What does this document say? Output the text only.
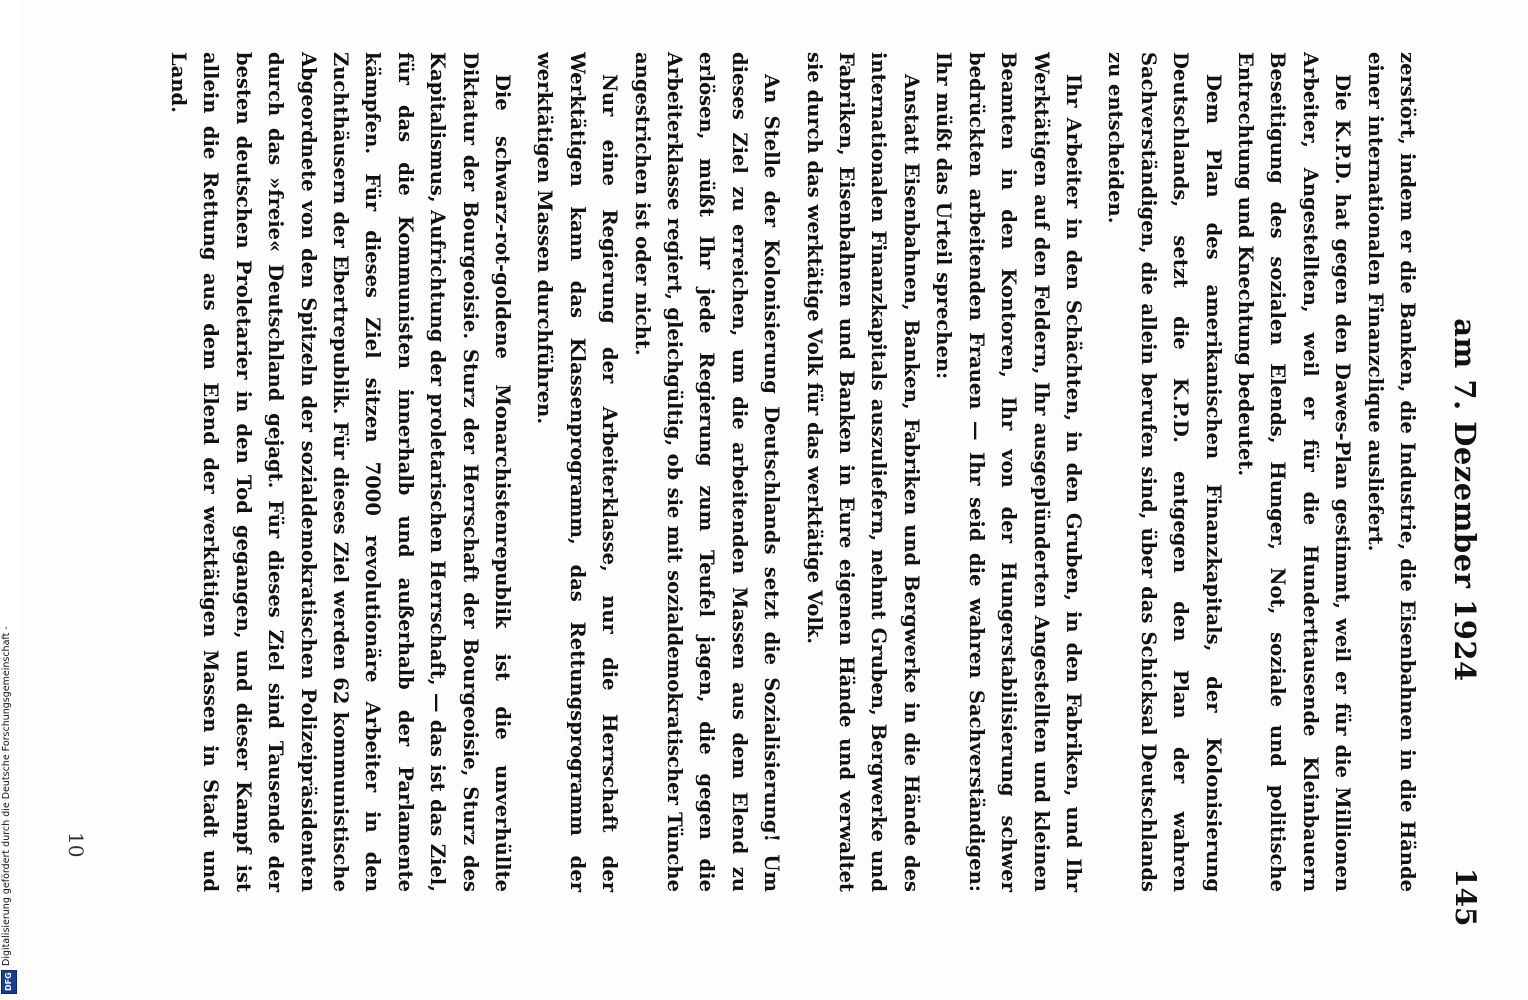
am 7. Dezember 1924
145

zerstört, indem er die Banken, die Industrie, die Eisenbahnen in die Hände einer internationalen Finanzclique ausliefert.

Die K.P.D. hat gegen den Dawes-Plan gestimmt, weil er für die Millionen Arbeiter, Angestellten, weil er für die Hunderttausende Kleinbauern Beseitigung des sozialen Elends, Hunger, Not, soziale und politische Entrechtung und Knechtung bedeutet.

Dem Plan des amerikanischen Finanzkapitals, der Kolonisierung Deutschlands, setzt die K.P.D. entgegen den Plan der wahren Sachverständigen, die allein berufen sind, über das Schicksal Deutschlands zu entscheiden.

Ihr Arbeiter in den Schächten, in den Gruben, in den Fabriken, und Ihr Werktätigen auf den Feldern, Ihr ausgeplünderten Angestellten und kleinen Beamten in den Kontoren, Ihr von der Hungerstabilisierung schwer bedrückten arbeitenden Frauen — Ihr seid die wahren Sachverständigen: Ihr müßt das Urteil sprechen:

Anstatt Eisenbahnen, Banken, Fabriken und Bergwerke in die Hände des internationalen Finanzkapitals auszuliefern, nehmt Gruben, Bergwerke und Fabriken, Eisenbahnen und Banken in Eure eigenen Hände und verwaltet sie durch das werktätige Volk für das werktätige Volk.

An Stelle der Kolonisierung Deutschlands setzt die Sozialisierung! Um dieses Ziel zu erreichen, um die arbeitenden Massen aus dem Elend zu erlösen, müßt Ihr jede Regierung zum Teufel jagen, die gegen die Arbeiterklasse regiert, gleichgültig, ob sie mit sozialdemokratischer Tünche angestrichen ist oder nicht.

Nur eine Regierung der Arbeiterklasse, nur die Herrschaft der Werktätigen kann das Klassenprogramm, das Rettungsprogramm der werktätigen Massen durchführen.

Die schwarz-rot-goldene Monarchistenrepublik ist die unverhüllte Diktatur der Bourgeoisie. Sturz der Herrschaft der Bourgeoisie, Sturz des Kapitalismus, Aufrichtung der proletarischen Herrschaft, — das ist das Ziel, für das die Kommunisten innerhalb und außerhalb der Parlamente kämpfen. Für dieses Ziel sitzen 7000 revolutionäre Arbeiter in den Zuchthäusern der Ebertrepublik. Für dieses Ziel werden 62 kommunistische Abgeordnete von den Spitzeln der sozialdemokratischen Polizeipräsidenten durch das »freie« Deutschland gejagt. Für dieses Ziel sind Tausende der besten deutschen Proletarier in den Tod gegangen, und dieser Kampf ist allein die Rettung aus dem Elend der werktätigen Massen in Stadt und Land.

10
Digitalisierung gefördert durch die Deutsche Forschungsgemeinschaft -
DFG
